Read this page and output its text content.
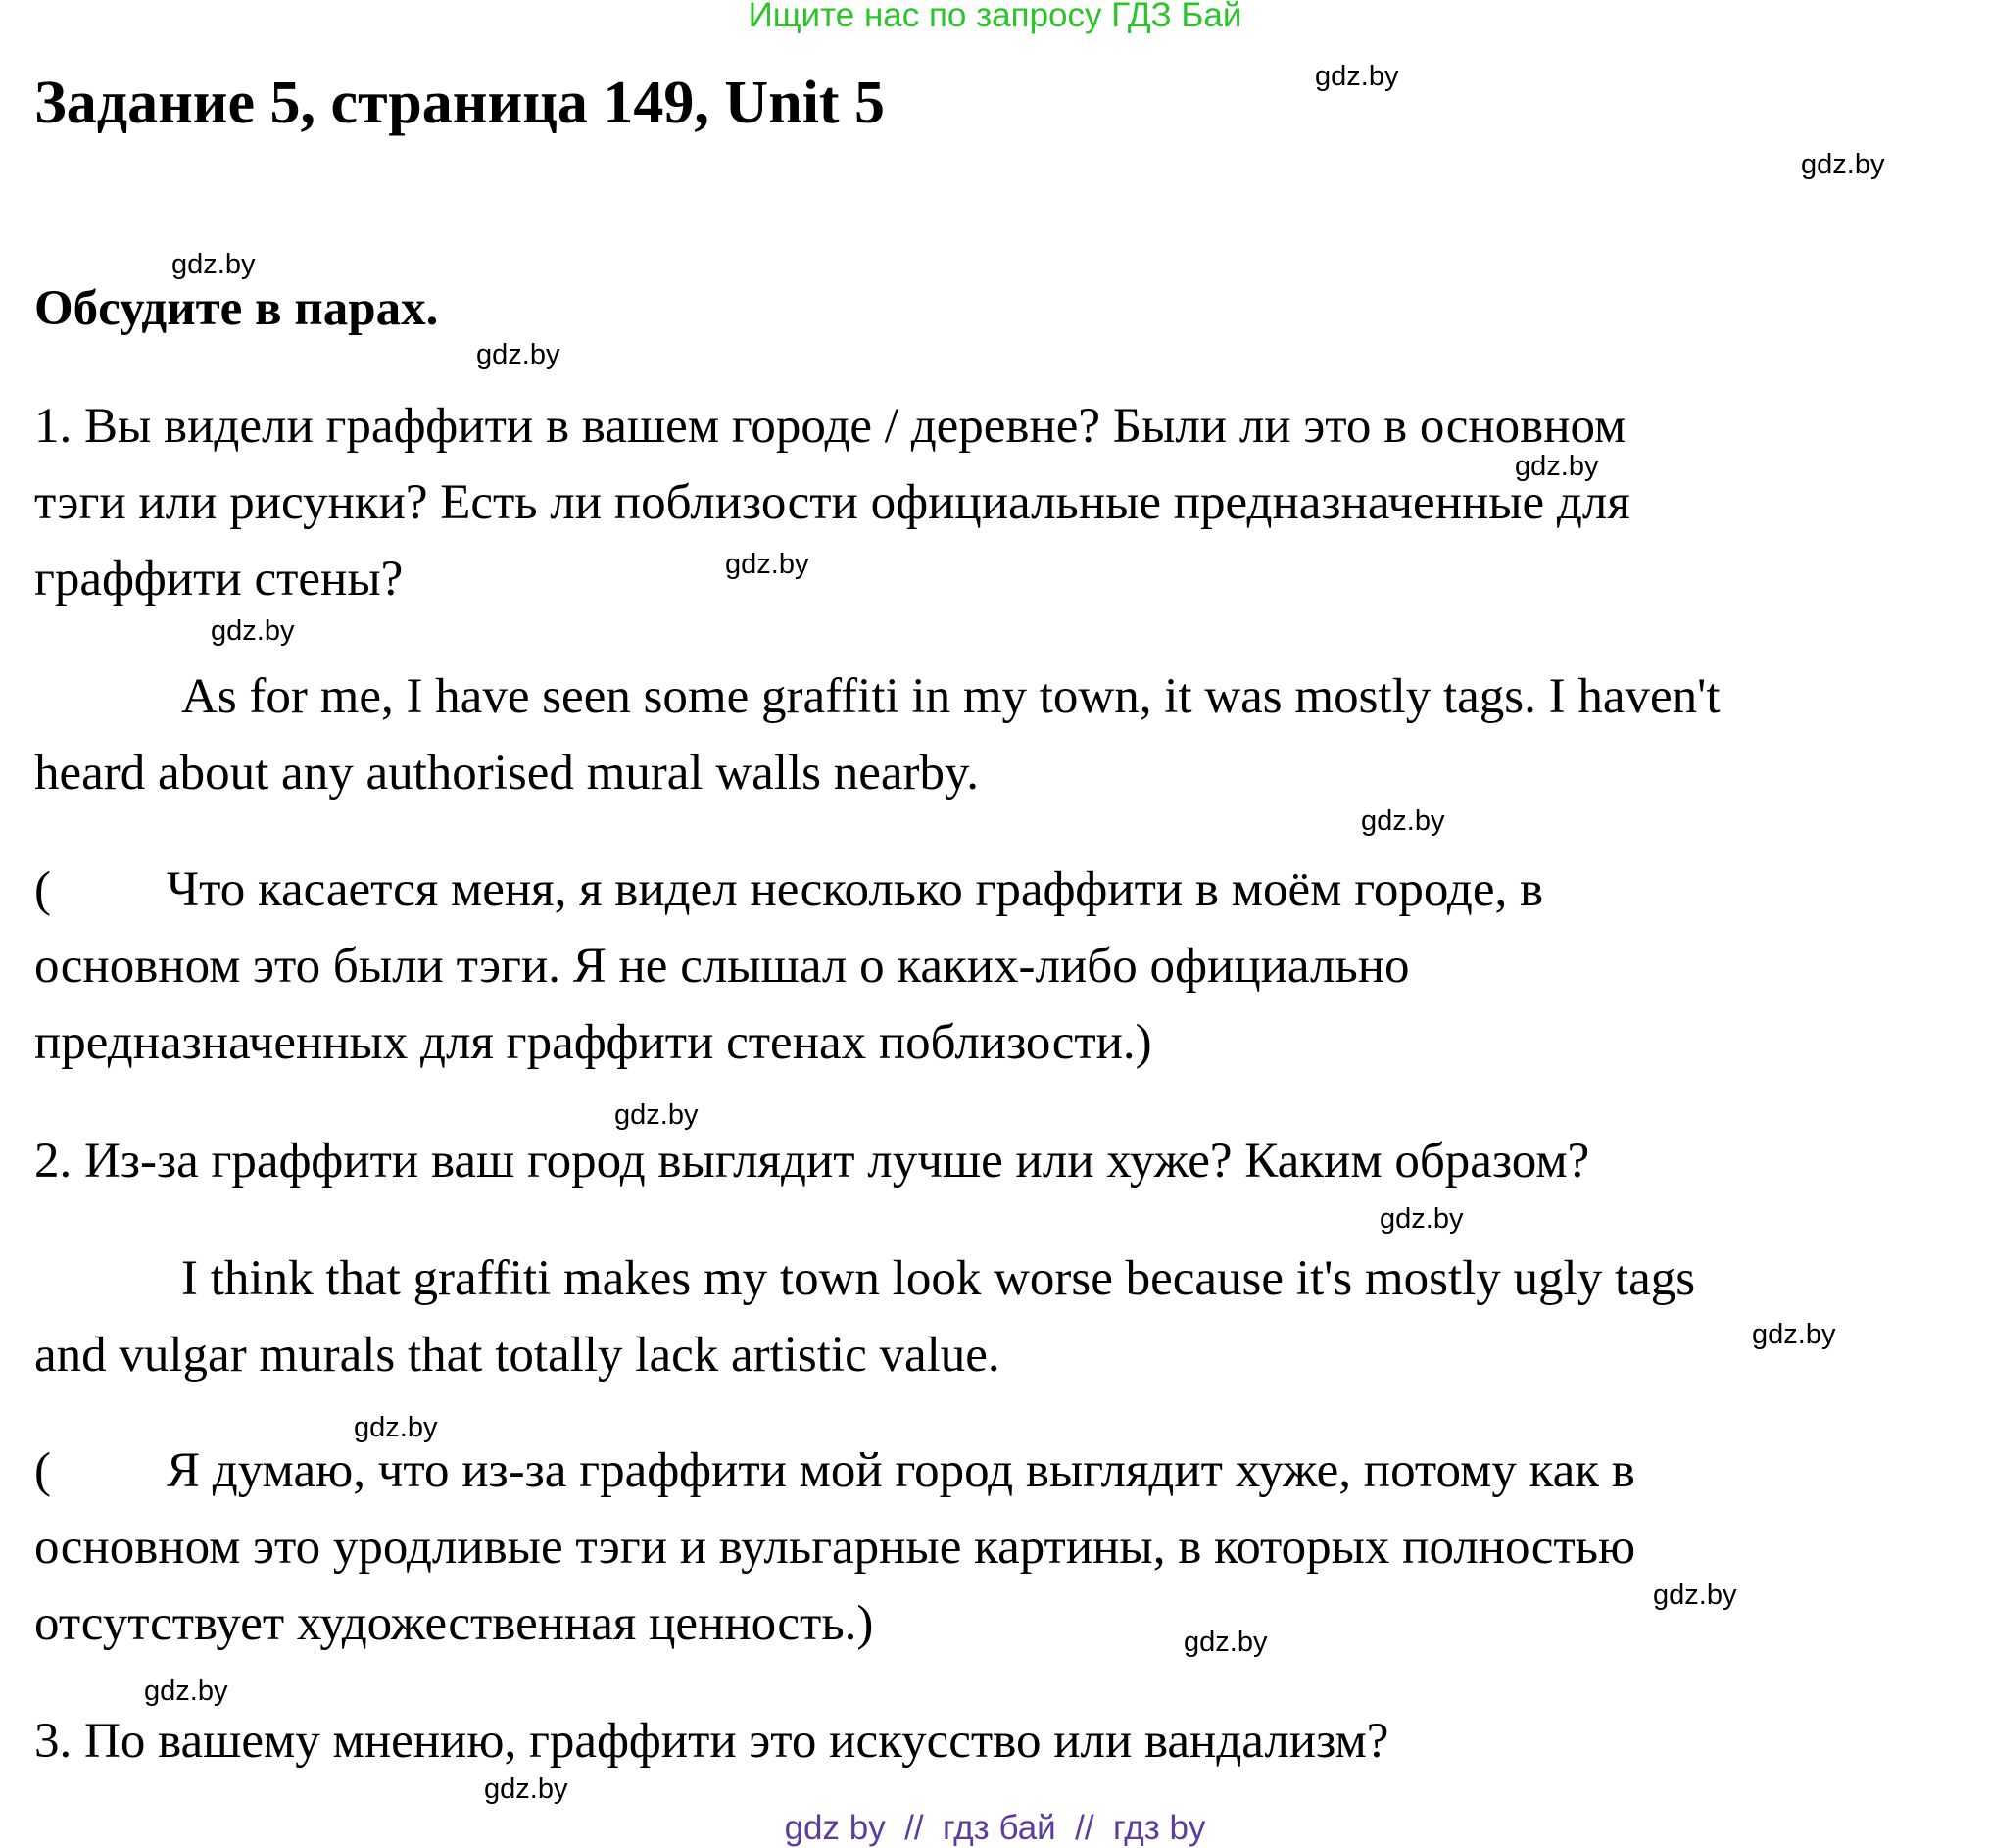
Ищите нас по запросу ГДЗ Бай
Задание 5, страница 149, Unit 5
Обсудите в парах.
1. Вы видели граффити в вашем городе / деревне? Были ли это в основном
тэги или рисунки? Есть ли поблизости официальные предназначенные для
граффити стены?
As for me, I have seen some graffiti in my town, it was mostly tags. I haven't
heard about any authorised mural walls nearby.
( Что касается меня, я видел несколько граффити в моём городе, в
основном это были тэги. Я не слышал о каких-либо официально
предназначенных для граффити стенах поблизости.)
2. Из-за граффити ваш город выглядит лучше или хуже? Каким образом?
I think that graffiti makes my town look worse because it's mostly ugly tags
and vulgar murals that totally lack artistic value.
( Я думаю, что из-за граффити мой город выглядит хуже, потому как в
основном это уродливые тэги и вульгарные картины, в которых полностью
отсутствует художественная ценность.)
3. По вашему мнению, граффити это искусство или вандализм?
gdz.by
gdz.by
gdz.by
gdz.by
gdz.by
gdz.by
gdz.by
gdz.by
gdz.by
gdz.by
gdz.by
gdz.by
gdz.by
gdz.by
gdz.by
gdz.by
gdz by  //  гдз бай  //  гдз by
